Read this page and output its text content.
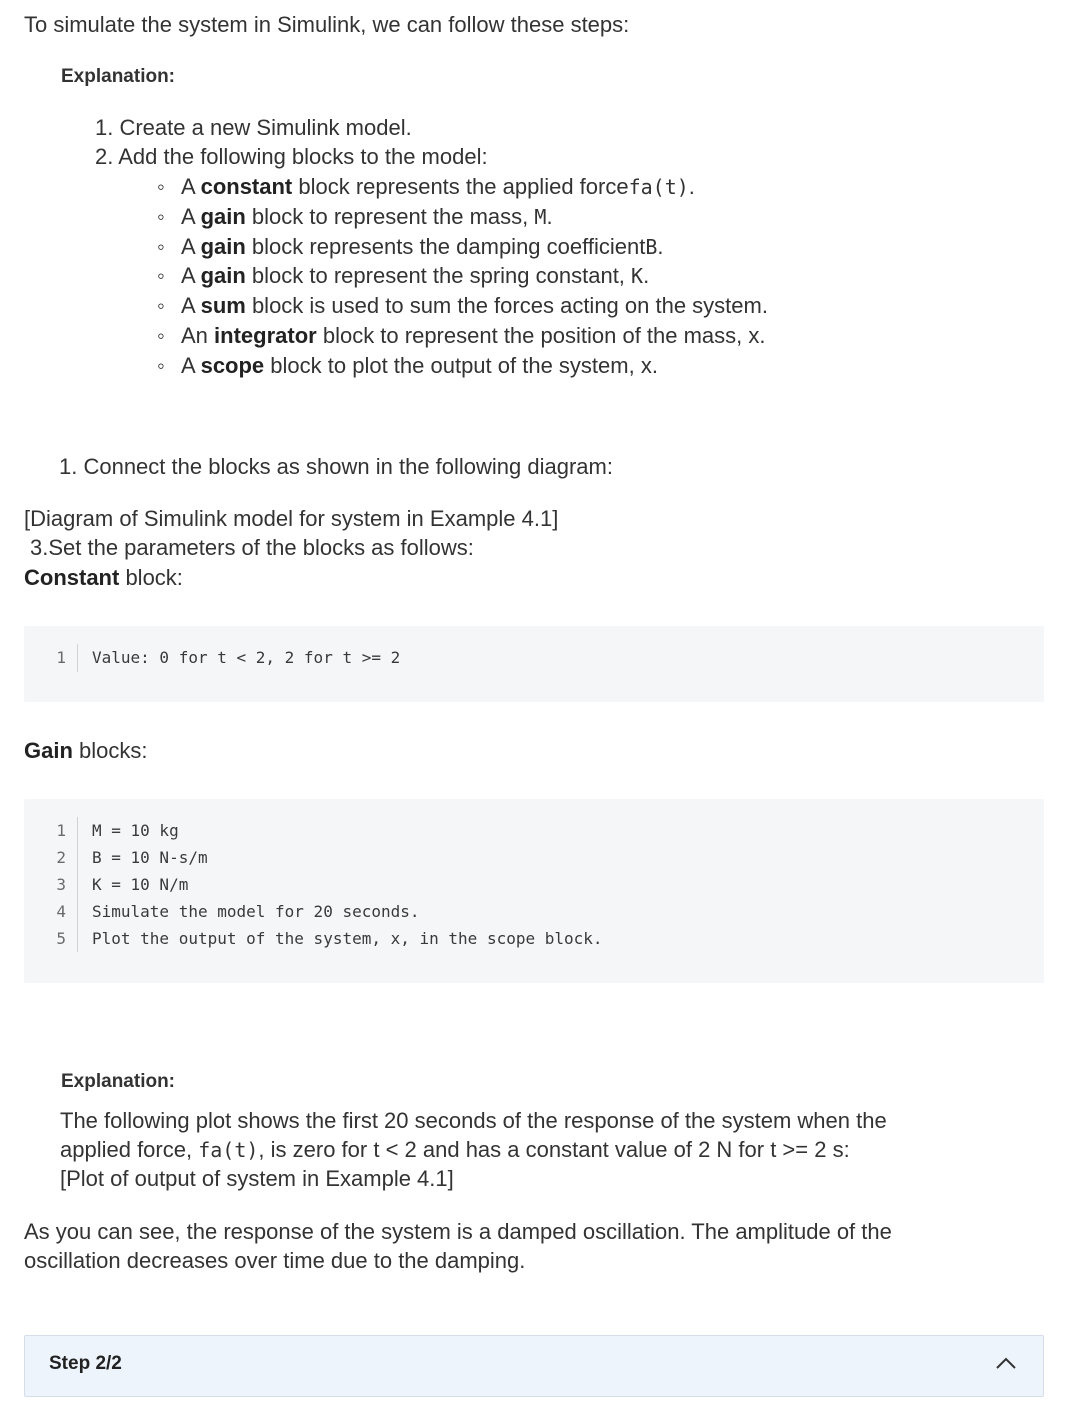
To simulate the system in Simulink, we can follow these steps:
Explanation:
1. Create a new Simulink model.
2. Add the following blocks to the model:
◦ A constant block represents the applied forcefa(t).
◦ A gain block to represent the mass, M.
◦ A gain block represents the damping coefficientB.
◦ A gain block to represent the spring constant, K.
◦ A sum block is used to sum the forces acting on the system.
◦ An integrator block to represent the position of the mass, x.
◦ A scope block to plot the output of the system, x.
1. Connect the blocks as shown in the following diagram:
[Diagram of Simulink model for system in Example 4.1]
3.Set the parameters of the blocks as follows:
Constant block:
1 Value: 0 for t < 2, 2 for t >= 2
Gain blocks:
1 M = 10 kg
2 B = 10 N-s/m
3 K = 10 N/m
4 Simulate the model for 20 seconds.
5 Plot the output of the system, x, in the scope block.
Explanation:
The following plot shows the first 20 seconds of the response of the system when the
applied force, fa(t), is zero for t < 2 and has a constant value of 2 N for t >= 2 s:
[Plot of output of system in Example 4.1]
As you can see, the response of the system is a damped oscillation. The amplitude of the
oscillation decreases over time due to the damping.
Step 2/2
